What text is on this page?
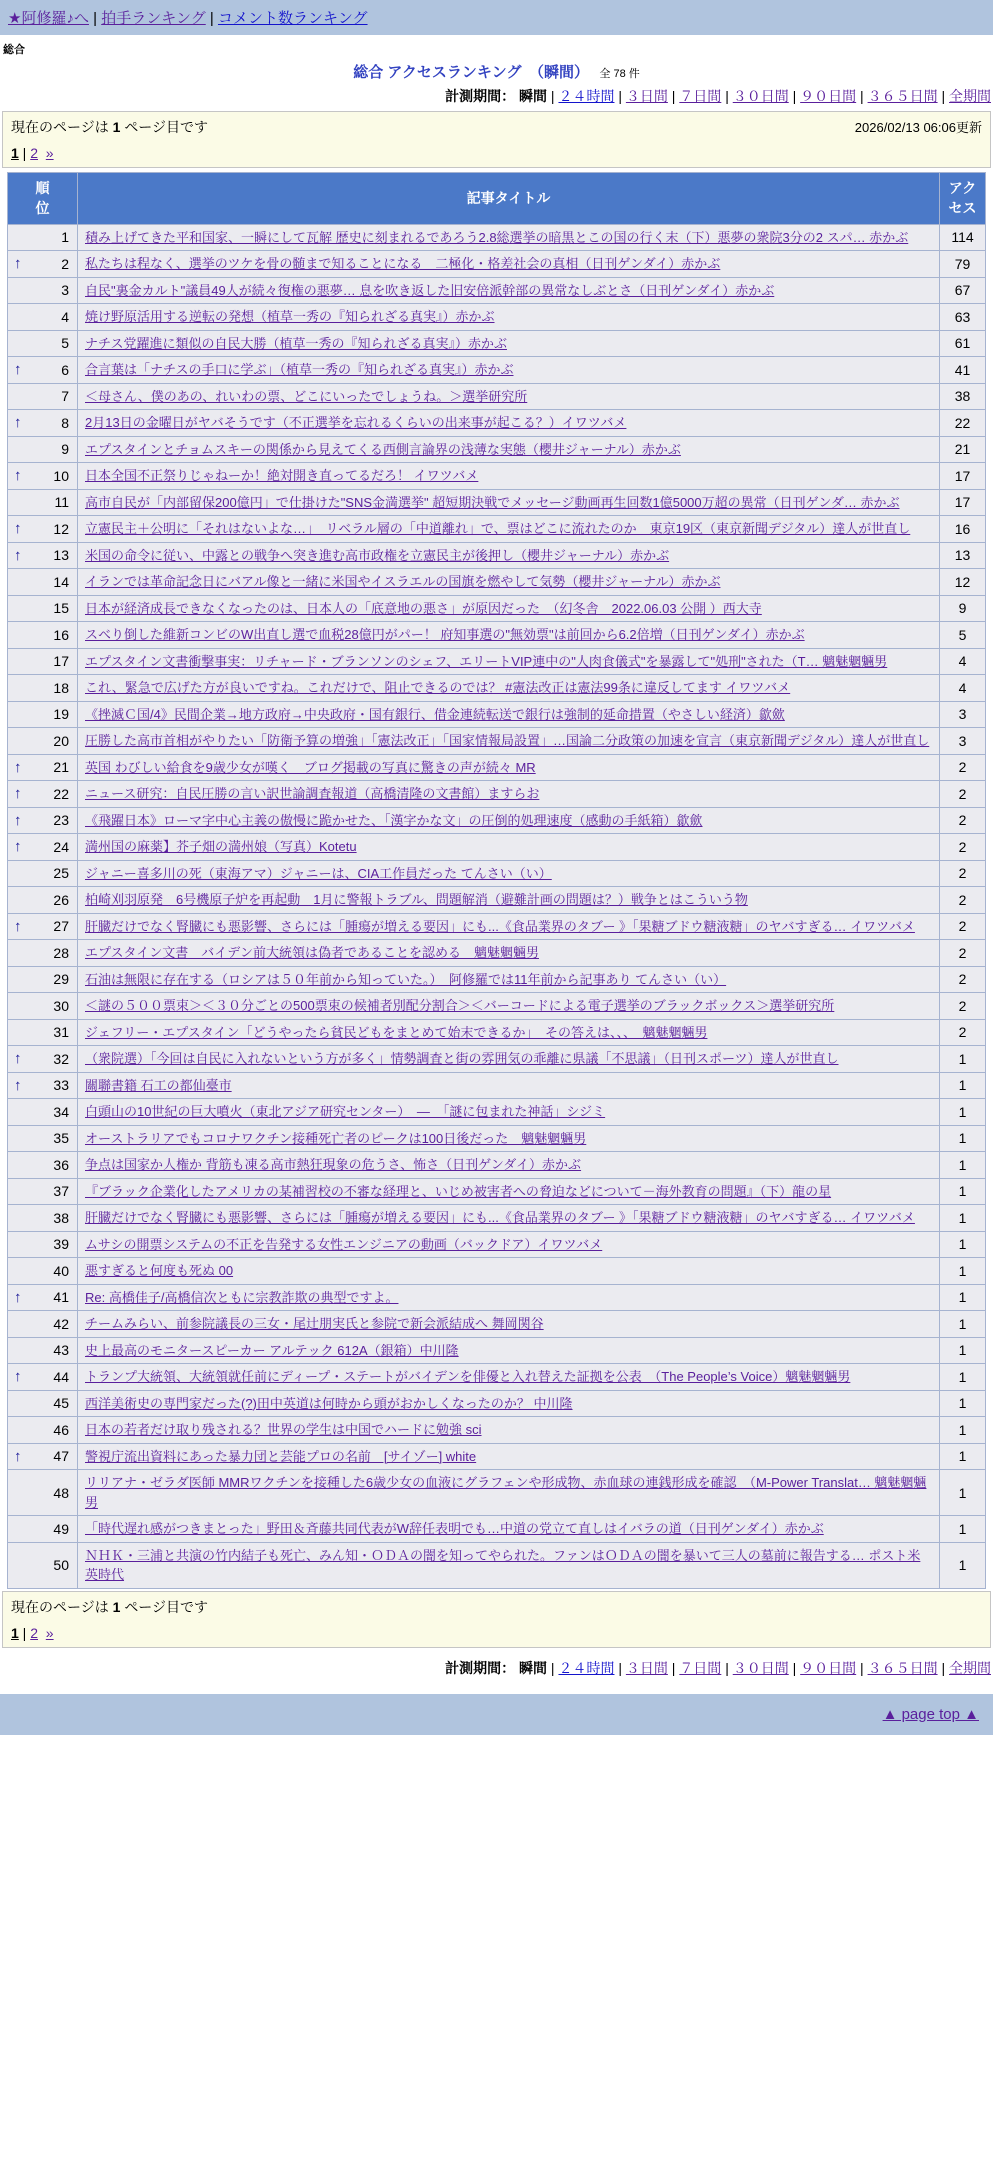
★阿修羅♪へ | 拍手ランキング | コメント数ランキング
総合
総合 アクセスランキング　（瞬間） 全 78 件
計測期間： 瞬間 | ２４時間 | ３日間 | ７日間 | ３０日間 | ９０日間 | ３６５日間 | 全期間
現在のページは 1 ページ目です	2026/02/13 06:06更新
1 | 2 »
順位	記事タイトル	アクセス

1	積み上げてきた平和国家、一瞬にして瓦解 歴史に刻まれるであろう2.8総選挙の暗黒とこの国の行く末（下）悪夢の衆院3分の2 スパ… 赤かぶ	114

↑ 2	私たちは程なく、選挙のツケを骨の髄まで知ることになる　二極化・格差社会の真相（日刊ゲンダイ）赤かぶ	79

3	自民"裏金カルト"議員49人が続々復権の悪夢… 息を吹き返した旧安倍派幹部の異常なしぶとさ（日刊ゲンダイ）赤かぶ	67

4	焼け野原活用する逆転の発想（植草一秀の『知られざる真実』）赤かぶ	63

5	ナチス党躍進に類似の自民大勝（植草一秀の『知られざる真実』）赤かぶ	61

↑ 6	合言葉は「ナチスの手口に学ぶ」（植草一秀の『知られざる真実』）赤かぶ	41

7	＜母さん、僕のあの、れいわの票、どこにいったでしょうね。＞選挙研究所	38

↑ 8	2月13日の金曜日がヤバそうです（不正選挙を忘れるくらいの出来事が起こる？）イワツバメ	22

9	エプスタインとチョムスキーの関係から見えてくる西側言論界の浅薄な実態（櫻井ジャーナル）赤かぶ	21

↑ 10	日本全国不正祭りじゃねーか！絶対開き直ってるだろ！ イワツバメ	17

11	高市自民が「内部留保200億円」で仕掛けた"SNS金満選挙" 超短期決戦でメッセージ動画再生回数1億5000万超の異常（日刊ゲンダ… 赤かぶ	17

↑ 12	立憲民主＋公明に「それはないよな…」　リベラル層の「中道離れ」で、票はどこに流れたのか　東京19区（東京新聞デジタル）達人が世直し	16

↑ 13	米国の命令に従い、中露との戦争へ突き進む高市政権を立憲民主が後押し（櫻井ジャーナル）赤かぶ	13

14	イランでは革命記念日にバアル像と一緒に米国やイスラエルの国旗を燃やして気勢（櫻井ジャーナル）赤かぶ	12

15	日本が経済成長できなくなったのは、日本人の「底意地の悪さ」が原因だった　（幻冬舎　2022.06.03 公開 ）西大寺	9

16	スベり倒した維新コンビのW出直し選で血税28億円がパー！ 府知事選の"無効票"は前回から6.2倍増（日刊ゲンダイ）赤かぶ	5

17	エプスタイン文書衝撃事実：リチャード・ブランソンのシェフ、エリートVIP連中の"人肉食儀式"を暴露して"処刑"された（T… 魑魅魍魎男	4

18	これ、緊急で広げた方が良いですね。これだけで、阻止できるのでは？ #憲法改正は憲法99条に違反してます イワツバメ	4

19	《挫滅Ｃ国/4》民間企業→地方政府→中央政府・国有銀行、借金連続転送で銀行は強制的延命措置（やさしい経済）歙歛	3

20	圧勝した高市首相がやりたい「防衛予算の増強」「憲法改正」「国家情報局設置」…国論二分政策の加速を宣言（東京新聞デジタル）達人が世直し	3

↑ 21	英国 わびしい給食を9歳少女が嘆く　ブログ掲載の写真に驚きの声が続々 MR	2

↑ 22	ニュース研究：自民圧勝の言い訳世論調査報道（高橋清隆の文書館）ますらお	2

↑ 23	《飛躍日本》ローマ字中心主義の傲慢に跪かせた、「漢字かな文」の圧倒的処理速度（感動の手紙箱）歙歛	2

↑ 24	満州国の麻薬】芥子畑の満州娘（写真）Kotetu	2

25	ジャニー喜多川の死（東海アマ）ジャニーは、CIA工作員だった てんさい（い）	2

26	柏崎刈羽原発　6号機原子炉を再起動　1月に警報トラブル、問題解消（避難計画の問題は？）戦争とはこういう物	2

↑ 27	肝臓だけでなく腎臓にも悪影響、さらには「腫瘍が増える要因」にも...《食品業界のタブー 》「果糖ブドウ糖液糖」のヤバすぎる… イワツバメ	2

28	エプスタイン文書　バイデン前大統領は偽者であることを認める　魑魅魍魎男	2

29	石油は無限に存在する（ロシアは５０年前から知っていた。）　阿修羅では11年前から記事あり てんさい（い）	2

30	＜謎の５００票束＞＜３０分ごとの500票束の候補者別配分割合＞＜バーコードによる電子選挙のブラックボックス＞選挙研究所	2

31	ジェフリー・エプスタイン「どうやったら貧民どもをまとめて始末できるか」　その答えは、、、　魑魅魍魎男	2

↑ 32	（衆院選）「今回は自民に入れないという方が多く」情勢調査と街の雰囲気の乖離に県議「不思議」（日刊スポーツ）達人が世直し	1

↑ 33	關聯書籍 石工の都仙臺市	1

34	白頭山の10世紀の巨大噴火（東北アジア研究センター）　―　「謎に包まれた神話」シジミ	1

35	オーストラリアでもコロナワクチン接種死亡者のピークは100日後だった　魑魅魍魎男	1

36	争点は国家か人権か 背筋も凍る高市熱狂現象の危うさ、怖さ（日刊ゲンダイ）赤かぶ	1

37	『ブラック企業化したアメリカの某補習校の不審な経理と、いじめ被害者への脅迫などについて－海外教育の問題』（下）龍の星	1

38	肝臓だけでなく腎臓にも悪影響、さらには「腫瘍が増える要因」にも...《食品業界のタブー 》「果糖ブドウ糖液糖」のヤバすぎる… イワツバメ	1

39	ムサシの開票システムの不正を告発する女性エンジニアの動画（バックドア）イワツバメ	1

40	悪すぎると何度も死ぬ 00	1

↑ 41	Re: 高橋佳子/高橋信次ともに宗教詐欺の典型ですよ。	1

42	チームみらい、前参院議長の三女・尾辻朋実氏と参院で新会派結成へ 舞岡関谷	1

43	史上最高のモニタースピーカー アルテック 612A（銀箱）中川隆	1

↑ 44	トランプ大統領、大統領就任前にディープ・ステートがバイデンを俳優と入れ替えた証拠を公表　（The People’s Voice）魑魅魍魎男	1

45	西洋美術史の専門家だった(?)田中英道は何時から頭がおかしくなったのか？ 中川隆	1

46	日本の若者だけ取り残される？世界の学生は中国でハードに勉強 sci	1

↑ 47	警視庁流出資料にあった暴力団と芸能プロの名前　[サイゾー] white	1

48	リリアナ・ゼラダ医師 MMRワクチンを接種した6歳少女の血液にグラフェンや形成物、赤血球の連銭形成を確認　（M-Power Translat… 魑魅魍魎男	1

49	「時代遅れ感がつきまとった」野田＆斉藤共同代表がW辞任表明でも…中道の党立て直しはイバラの道（日刊ゲンダイ）赤かぶ	1

50	ＮＨＫ・三浦と共演の竹内結子も死亡、みん知・ＯＤＡの闇を知ってやられた。ファンはＯＤＡの闇を暴いて三人の墓前に報告する… ポスト米英時代	1
現在のページは 1 ページ目です
1 | 2 »
計測期間： 瞬間 | ２４時間 | ３日間 | ７日間 | ３０日間 | ９０日間 | ３６５日間 | 全期間
▲ page top ▲
